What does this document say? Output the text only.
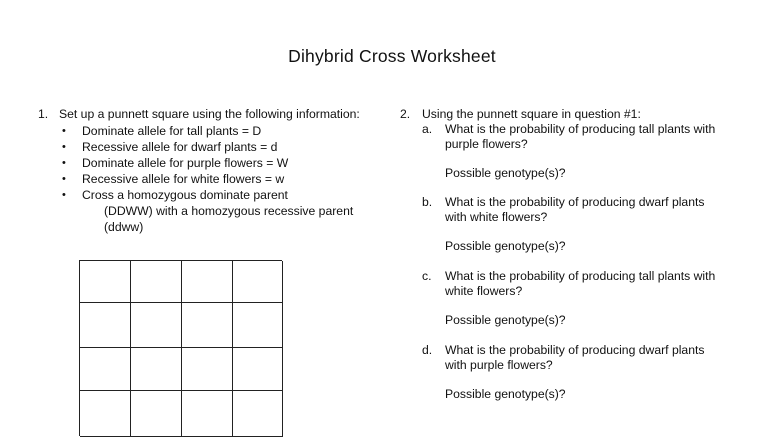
Dihybrid Cross Worksheet
1. Set up a punnett square using the following information:
• Dominate allele for tall plants = D
• Recessive allele for dwarf plants = d
• Dominate allele for purple flowers = W
• Recessive allele for white flowers = w
• Cross a homozygous dominate parent
(DDWW) with a homozygous recessive parent
(ddww)
2. Using the punnett square in question #1:
a. What is the probability of producing tall plants with
purple flowers?
Possible genotype(s)?
b. What is the probability of producing dwarf plants
with white flowers?
Possible genotype(s)?
c. What is the probability of producing tall plants with
white flowers?
Possible genotype(s)?
d. What is the probability of producing dwarf plants
with purple flowers?
Possible genotype(s)?
